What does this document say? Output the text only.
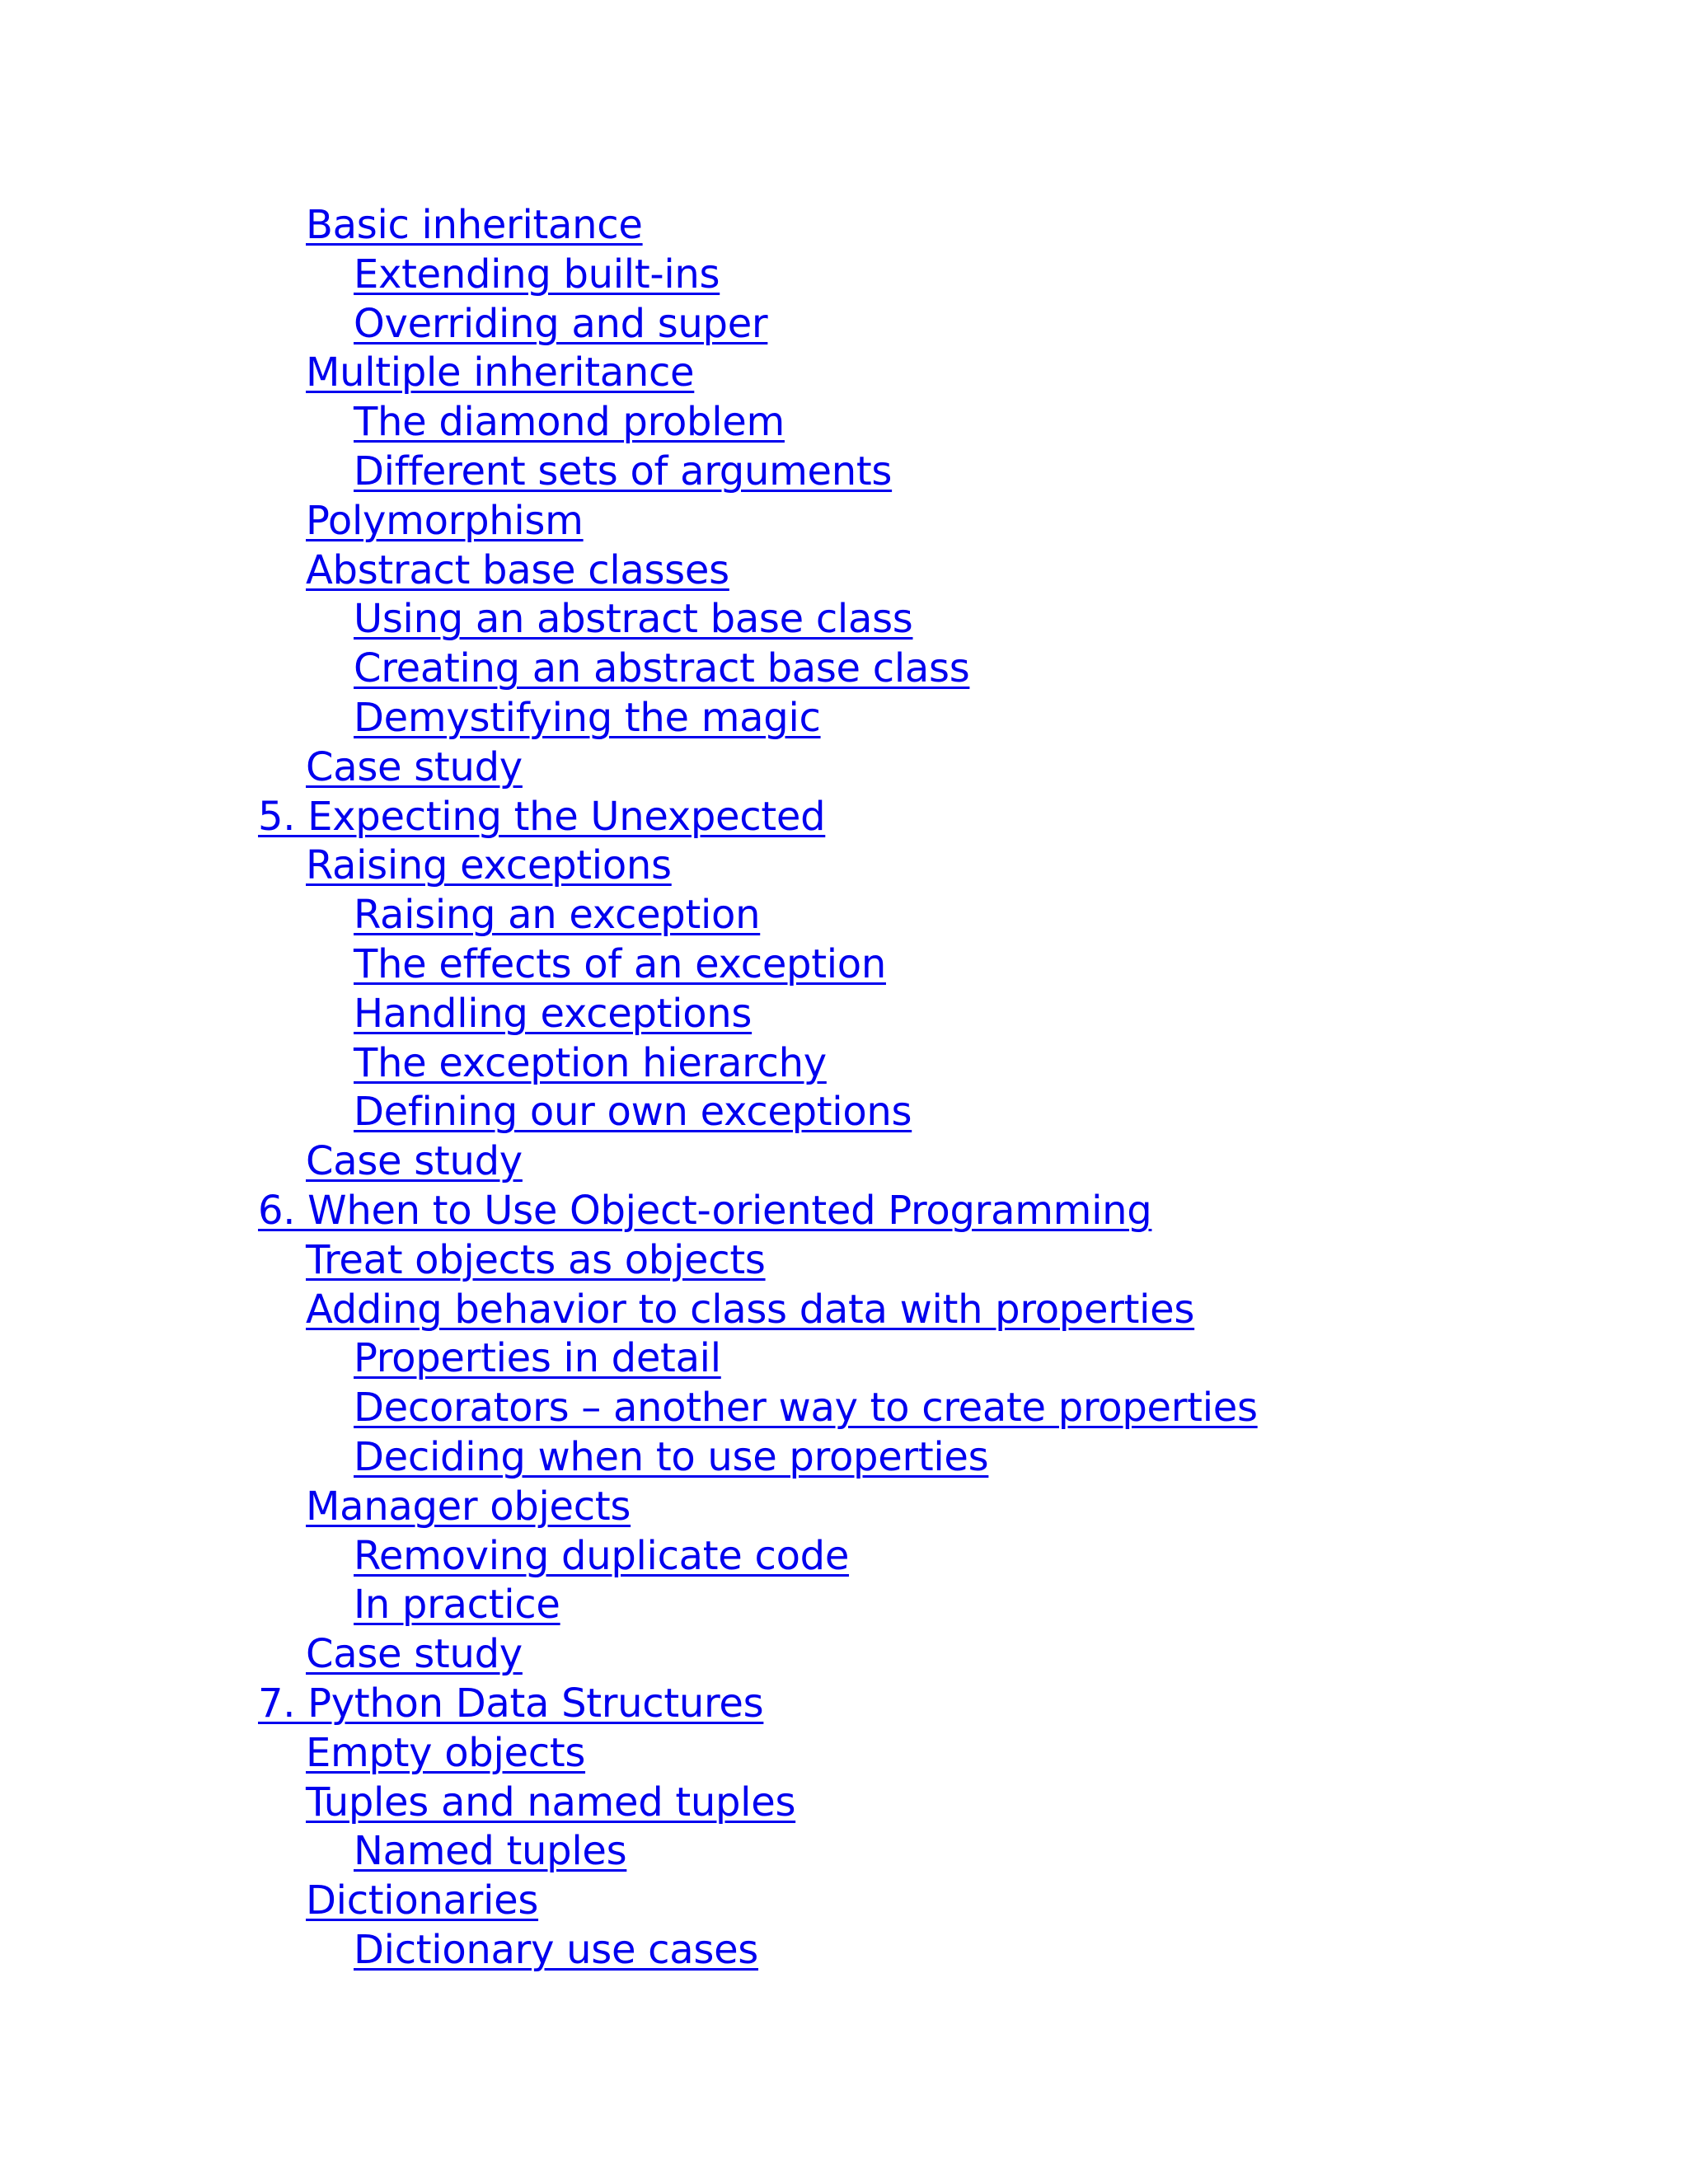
Basic inheritance
Extending built-ins
Overriding and super
Multiple inheritance
The diamond problem
Different sets of arguments
Polymorphism
Abstract base classes
Using an abstract base class
Creating an abstract base class
Demystifying the magic
Case study
5. Expecting the Unexpected
Raising exceptions
Raising an exception
The effects of an exception
Handling exceptions
The exception hierarchy
Defining our own exceptions
Case study
6. When to Use Object-oriented Programming
Treat objects as objects
Adding behavior to class data with properties
Properties in detail
Decorators – another way to create properties
Deciding when to use properties
Manager objects
Removing duplicate code
In practice
Case study
7. Python Data Structures
Empty objects
Tuples and named tuples
Named tuples
Dictionaries
Dictionary use cases
